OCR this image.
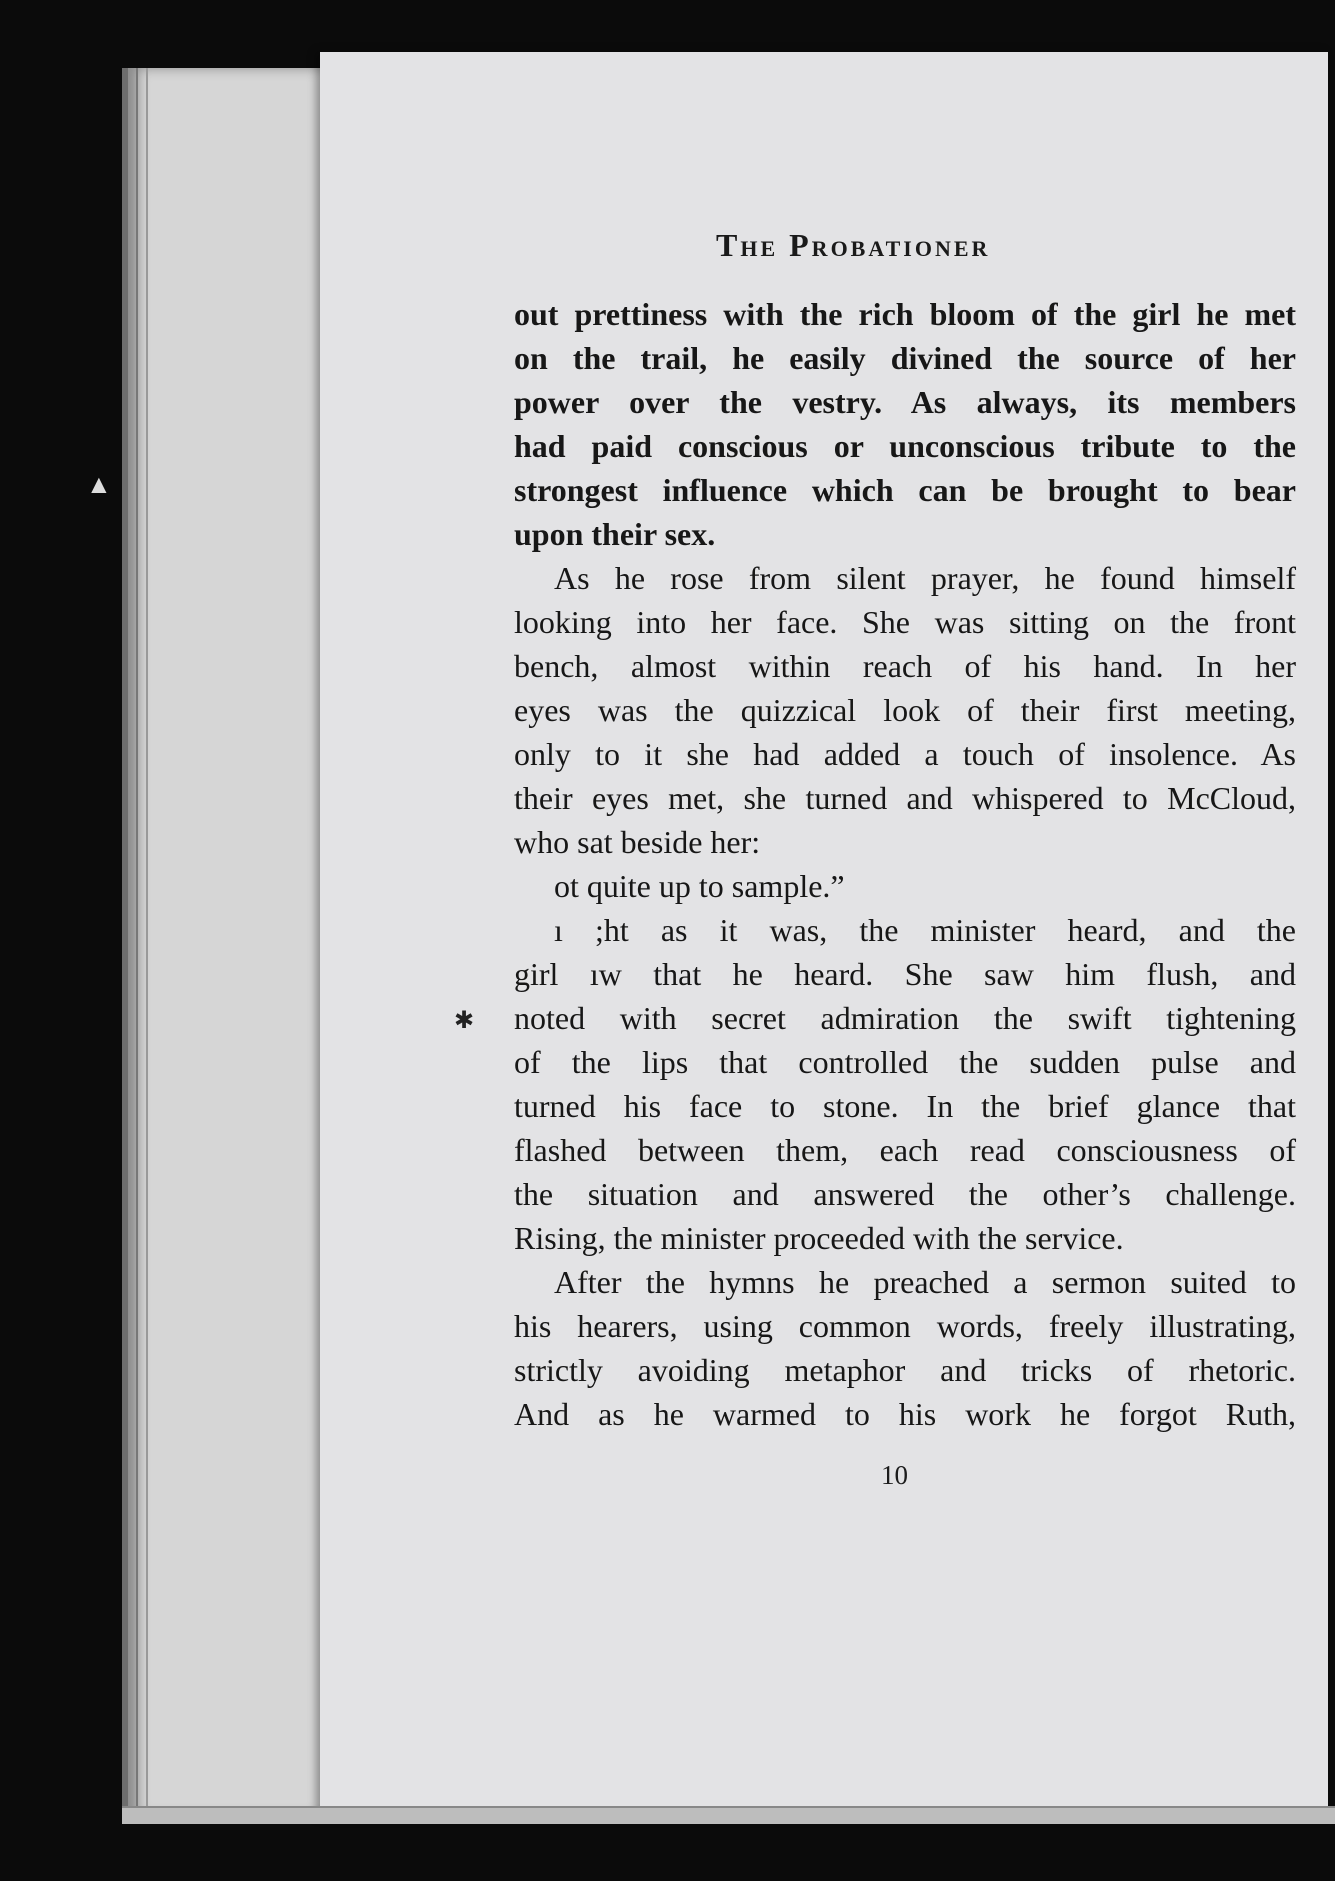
▲
✱
The Probationer
out prettiness with the rich bloom of the girl he met
on the trail, he easily divined the source of her
power over the vestry. As always, its members
had paid conscious or unconscious tribute to the
strongest influence which can be brought to bear
upon their sex.
As he rose from silent prayer, he found himself
looking into her face. She was sitting on the front
bench, almost within reach of his hand. In her
eyes was the quizzical look of their first meeting,
only to it she had added a touch of insolence. As
their eyes met, she turned and whispered to McCloud,
who sat beside her:
ot quite up to sample.”
ı ;ht as it was, the minister heard, and the
girl ıw that he heard. She saw him flush, and
noted with secret admiration the swift tightening
of the lips that controlled the sudden pulse and
turned his face to stone. In the brief glance that
flashed between them, each read consciousness of
the situation and answered the other’s challenge.
Rising, the minister proceeded with the service.
After the hymns he preached a sermon suited to
his hearers, using common words, freely illustrating,
strictly avoiding metaphor and tricks of rhetoric.
And as he warmed to his work he forgot Ruth,
10
